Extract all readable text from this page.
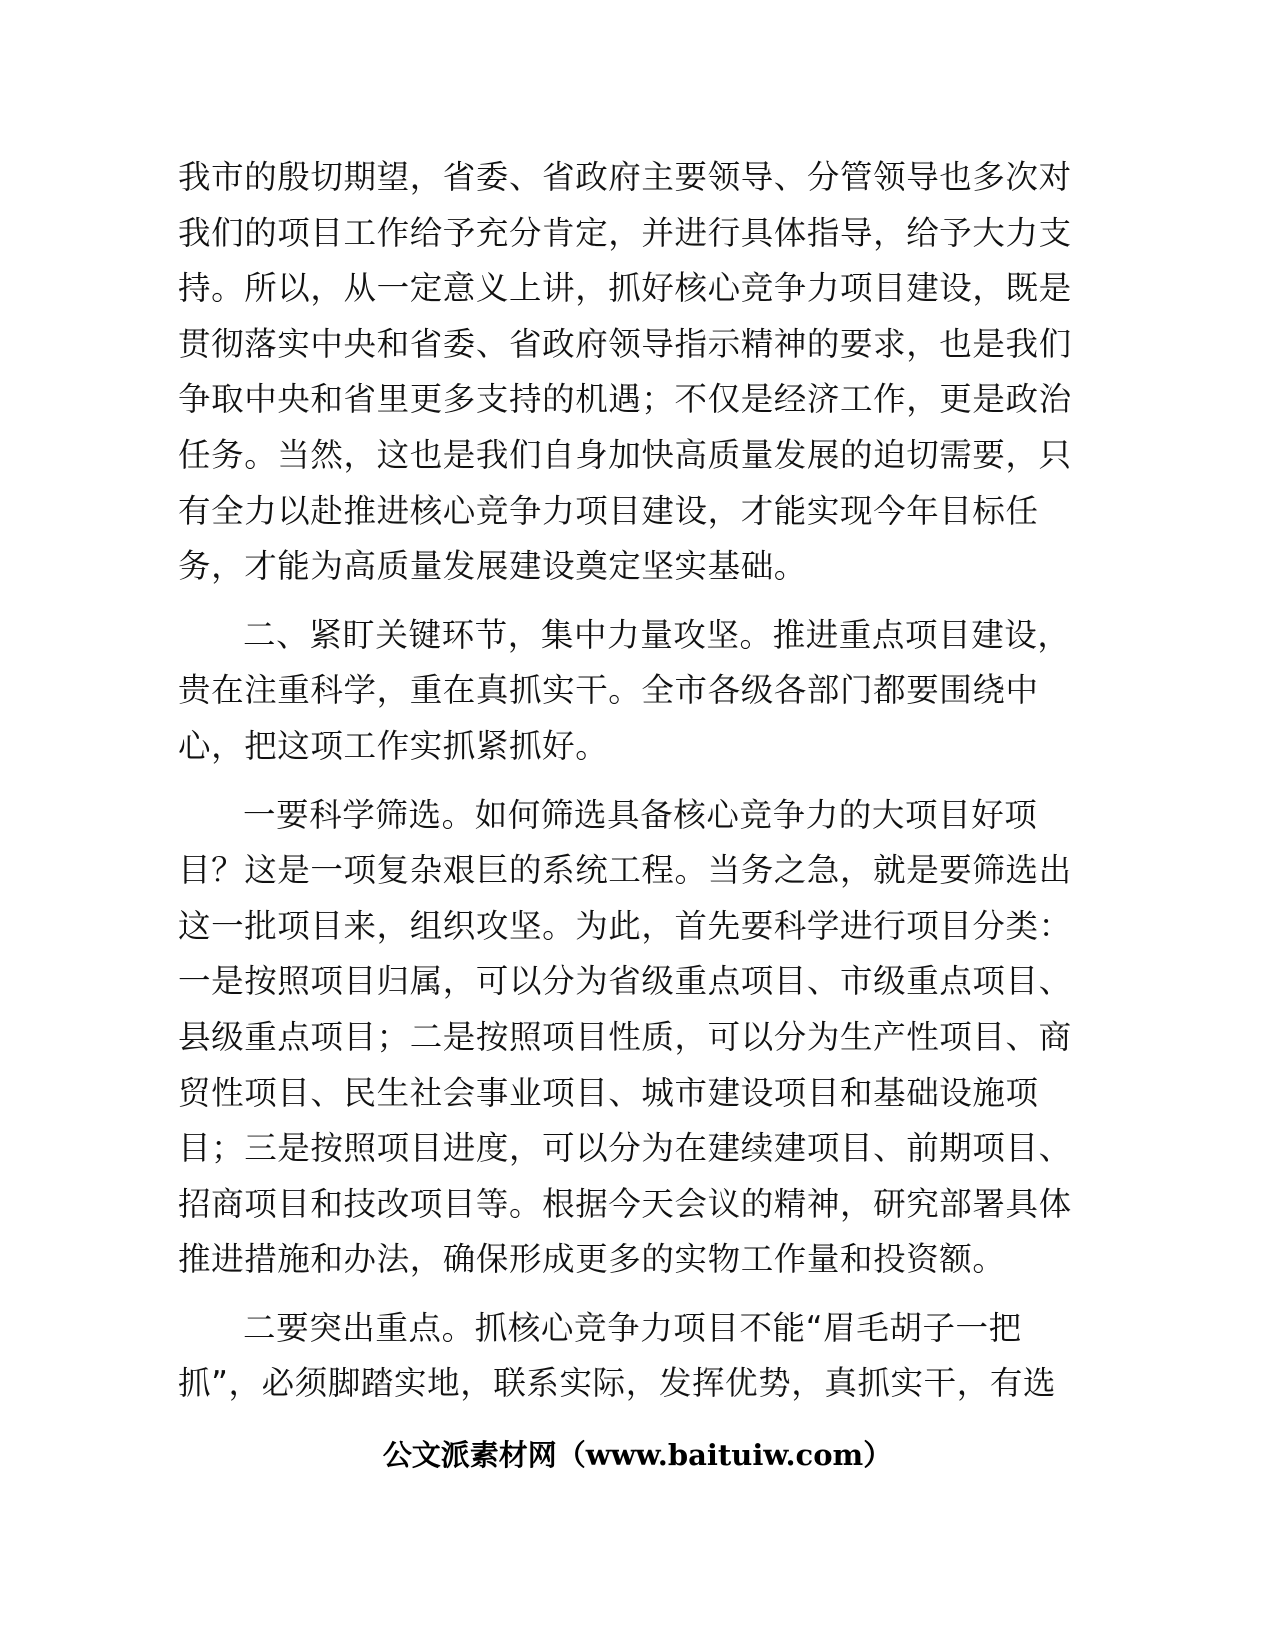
我市的殷切期望，省委、省政府主要领导、分管领导也多次对
我们的项目工作给予充分肯定，并进行具体指导，给予大力支
持。所以，从一定意义上讲，抓好核心竞争力项目建设，既是
贯彻落实中央和省委、省政府领导指示精神的要求，也是我们
争取中央和省里更多支持的机遇；不仅是经济工作，更是政治
任务。当然，这也是我们自身加快高质量发展的迫切需要，只
有全力以赴推进核心竞争力项目建设，才能实现今年目标任
务，才能为高质量发展建设奠定坚实基础。

二、紧盯关键环节，集中力量攻坚。推进重点项目建设，
贵在注重科学，重在真抓实干。全市各级各部门都要围绕中
心，把这项工作实抓紧抓好。

一要科学筛选。如何筛选具备核心竞争力的大项目好项
目？这是一项复杂艰巨的系统工程。当务之急，就是要筛选出
这一批项目来，组织攻坚。为此，首先要科学进行项目分类：
一是按照项目归属，可以分为省级重点项目、市级重点项目、
县级重点项目；二是按照项目性质，可以分为生产性项目、商
贸性项目、民生社会事业项目、城市建设项目和基础设施项
目；三是按照项目进度，可以分为在建续建项目、前期项目、
招商项目和技改项目等。根据今天会议的精神，研究部署具体
推进措施和办法，确保形成更多的实物工作量和投资额。

二要突出重点。抓核心竞争力项目不能“眉毛胡子一把
抓”，必须脚踏实地，联系实际，发挥优势，真抓实干，有选

公文派素材网（www.baituiw.com）
